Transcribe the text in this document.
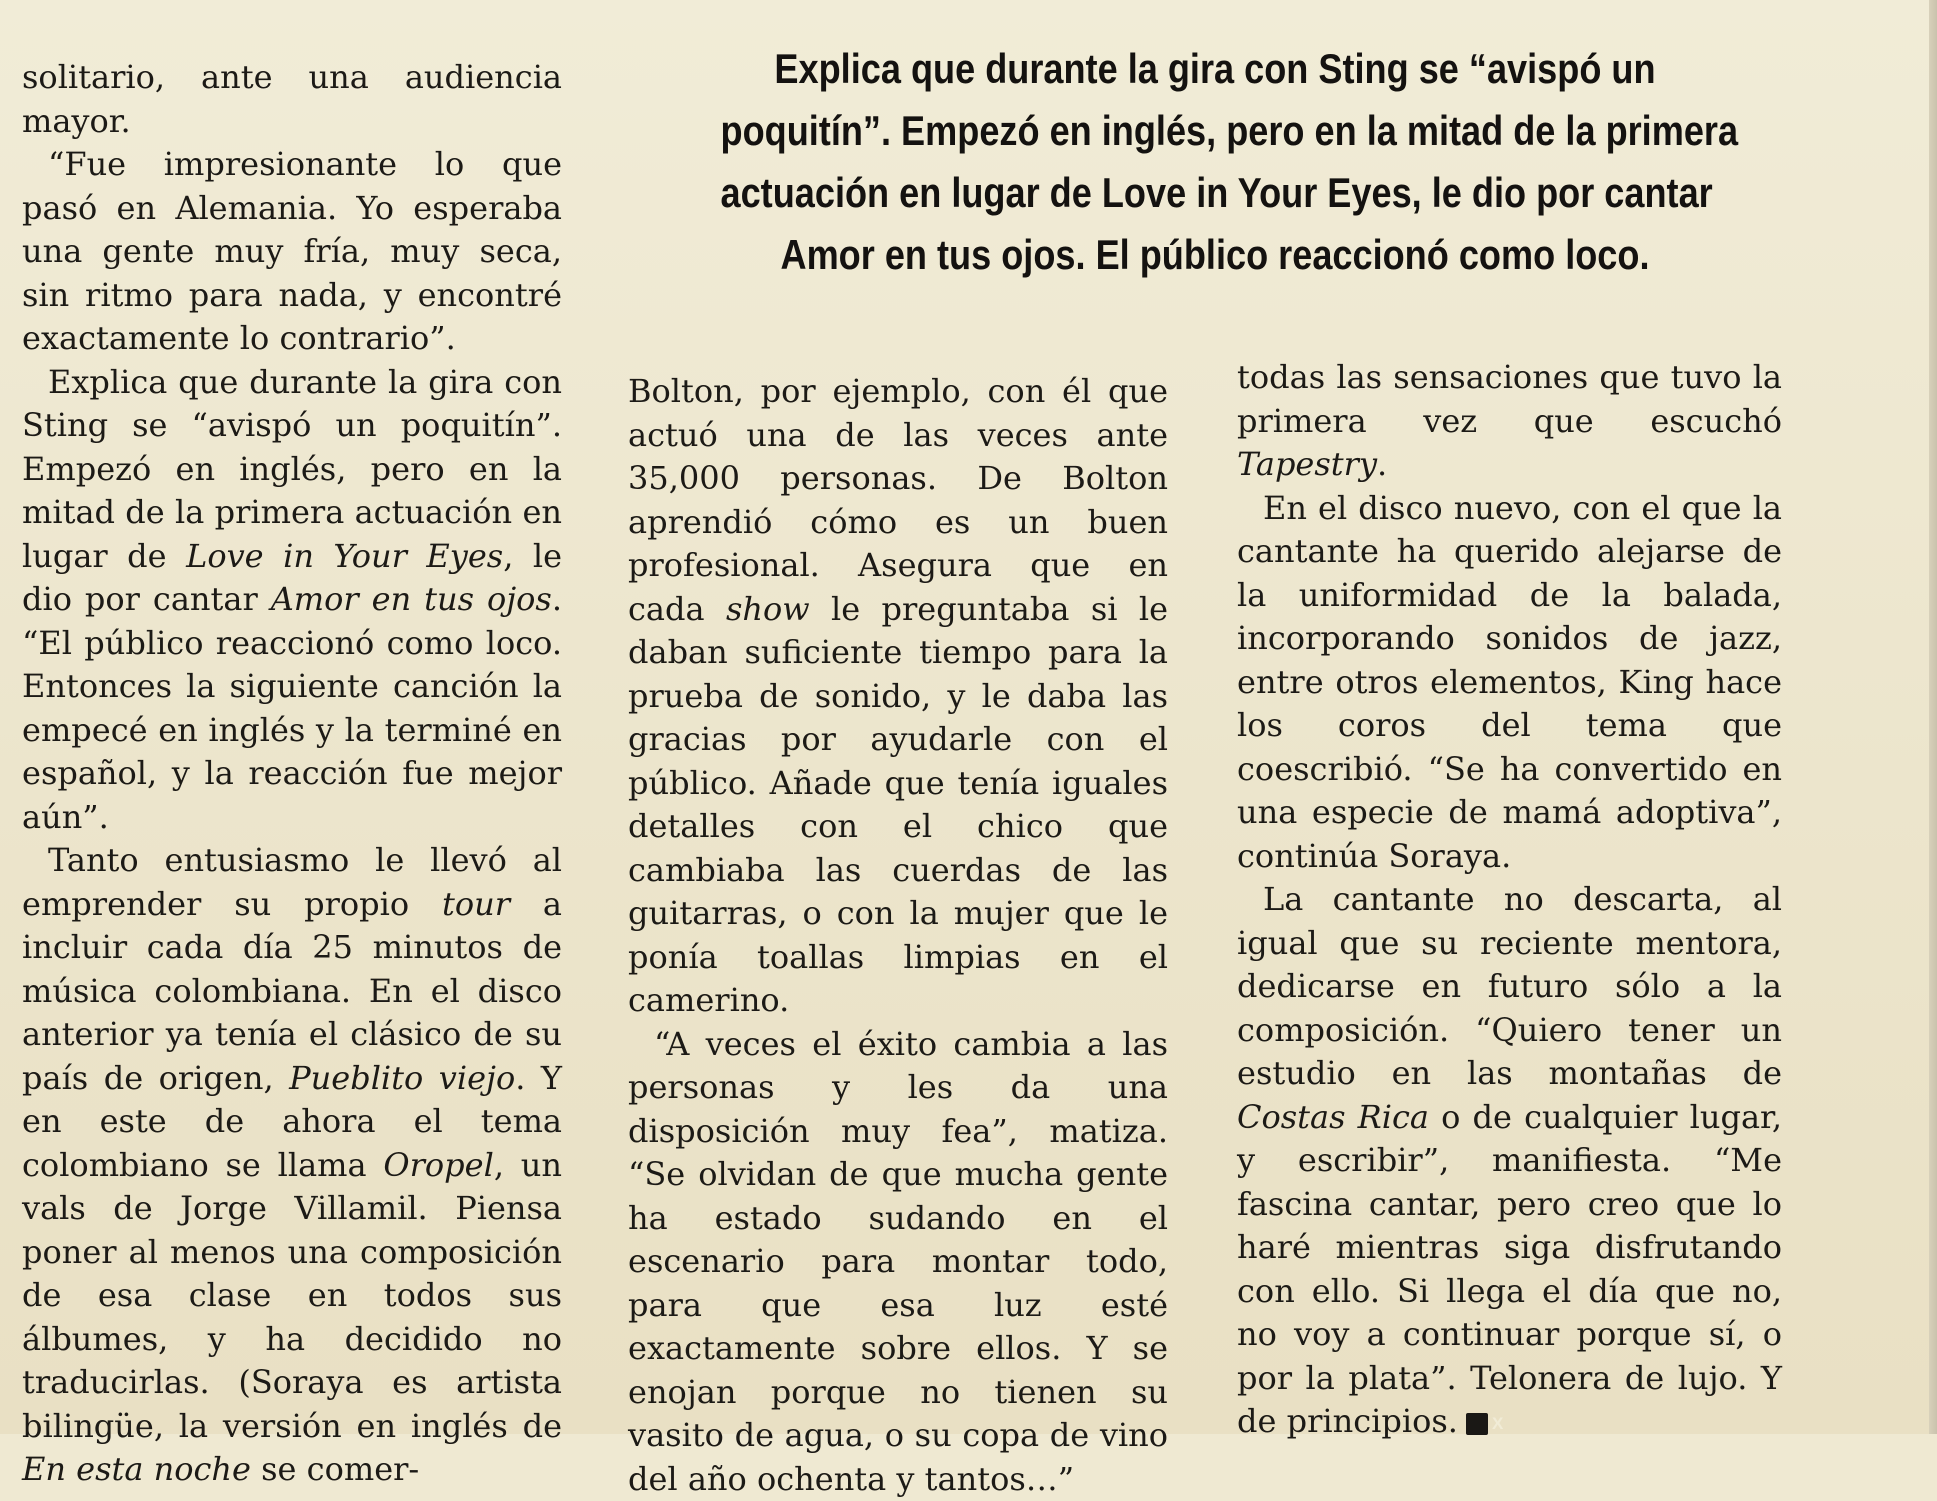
Explica que durante la gira con Sting se “avispó un
poquitín”. Empezó en inglés, pero en la mitad de la primera
actuación en lugar de Love in Your Eyes, le dio por cantar
Amor en tus ojos. El público reaccionó como loco.

solitario, ante una audiencia mayor.

“Fue impresionante lo que pasó en Alemania. Yo esperaba una gente muy fría, muy seca, sin ritmo para nada, y encontré exactamente lo contrario”.

Explica que durante la gira con Sting se “avispó un poquitín”. Empezó en inglés, pero en la mitad de la primera actuación en lugar de Love in Your Eyes, le dio por cantar Amor en tus ojos. “El público reaccionó como loco. Entonces la siguiente canción la empecé en inglés y la terminé en español, y la reacción fue mejor aún”.

Tanto entusiasmo le llevó al emprender su propio tour a incluir cada día 25 minutos de música colombiana. En el disco anterior ya tenía el clásico de su país de origen, Pueblito viejo. Y en este de ahora el tema colombiano se llama Oropel, un vals de Jorge Villamil. Piensa poner al menos una composición de esa clase en todos sus álbumes, y ha decidido no traducirlas. (Soraya es artista bilingüe, la versión en inglés de En esta noche se comer-

Bolton, por ejemplo, con él que actuó una de las veces ante 35,000 personas. De Bolton aprendió cómo es un buen profesional. Asegura que en cada show le preguntaba si le daban suficiente tiempo para la prueba de sonido, y le daba las gracias por ayudarle con el público. Añade que tenía iguales detalles con el chico que cambiaba las cuerdas de las guitarras, o con la mujer que le ponía toallas limpias en el camerino.

“A veces el éxito cambia a las personas y les da una disposición muy fea”, matiza. “Se olvidan de que mucha gente ha estado sudando en el escenario para montar todo, para que esa luz esté exactamente sobre ellos. Y se enojan porque no tienen su vasito de agua, o su copa de vino del año ochenta y tantos…”

todas las sensaciones que tuvo la primera vez que escuchó Tapestry.

En el disco nuevo, con el que la cantante ha querido alejarse de la uniformidad de la balada, incorporando sonidos de jazz, entre otros elementos, King hace los coros del tema que coescribió. “Se ha convertido en una especie de mamá adoptiva”, continúa Soraya.

La cantante no descarta, al igual que su reciente mentora, dedicarse en futuro sólo a la composición. “Quiero tener un estudio en las montañas de Costas Rica o de cualquier lugar, y escribir”, manifiesta. “Me fascina cantar, pero creo que lo haré mientras siga disfrutando con ello. Si llega el día que no, no voy a continuar porque sí, o por la plata”. Telonera de lujo. Y de principios. X
